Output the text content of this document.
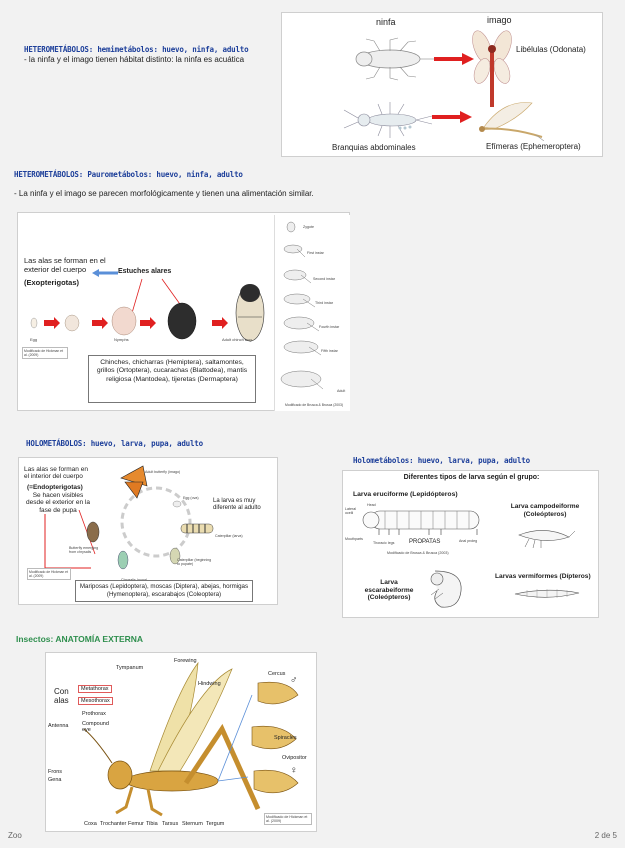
HETEROMETÁBOLOS: hemimetábolos: huevo, ninfa, adulto
- la ninfa y el imago tienen hábitat distinto: la ninfa es acuática
ninfa	imago
Libélulas (Odonata)
Branquias abdominales	Efímeras (Ephemeroptera)
HETEROMETÁBOLOS: Paurometábolos: huevo, ninfa, adulto
- La ninfa y el imago se parecen morfológicamente y tienen una alimentación similar.
Las alas se forman en el exterior del cuerpo
(Exopterigotas)
Estuches alares
Egg	Nymphs	Adult chinch bug
Modificado de Hickman et al. (2009)
Chinches, chicharras (Hemiptera), saltamontes, grillos (Ortoptera), cucarachas (Blattodea), mantis religiosa (Mantodea), tijeretas (Dermaptera)
Zygote
First instar
Second instar
Third instar
Fourth instar
Fifth instar
Adult
Modificado de Brusca & Brusca (2003)
HOLOMETÁBOLOS: huevo, larva, pupa, adulto
Las alas se forman en el interior del cuerpo
(=Endopterigotas)
Se hacen visibles desde el exterior en la fase de pupa
Adult butterfly (imago)
Egg (ova) La larva es muy diferente al adulto
Caterpillar (beginning to pupate)
Butterfly emerging from chrysalis
Caterpillar (larva)
Modificado de Hickman et al. (2009)
Mariposas (Lepidoptera), moscas (Diptera), abejas, hormigas (Hymenoptera), escarabajos (Coleoptera)
Holometábolos: huevo, larva, pupa, adulto
Diferentes tipos de larva según el grupo:
Larva eruciforme (Lepidópteros)
Lateral ocelli
Head
Mouthparts
Thoracic legs PROPATAS	Anal proleg
Modificado de Brusca & Brusca (2003)
Larva campodeiforme (Coleópteros)
Larva escarabeiforme (Coleópteros)
Larvas vermiformes (Dípteros)
Insectos: ANATOMÍA EXTERNA
Con alas
Metathorax
Mesothorax
Prothorax
Antenna Compound eye
Frons
Gena
Tympanum
Forewing
Hindwing
Coxa Trochanter Femur Tibia Tarsus Sternum Tergum
Cercus
♂
Spiracles
Ovipositor
♀
Modificado de Hickman et al. (2009)
Zoo	2 de 5
